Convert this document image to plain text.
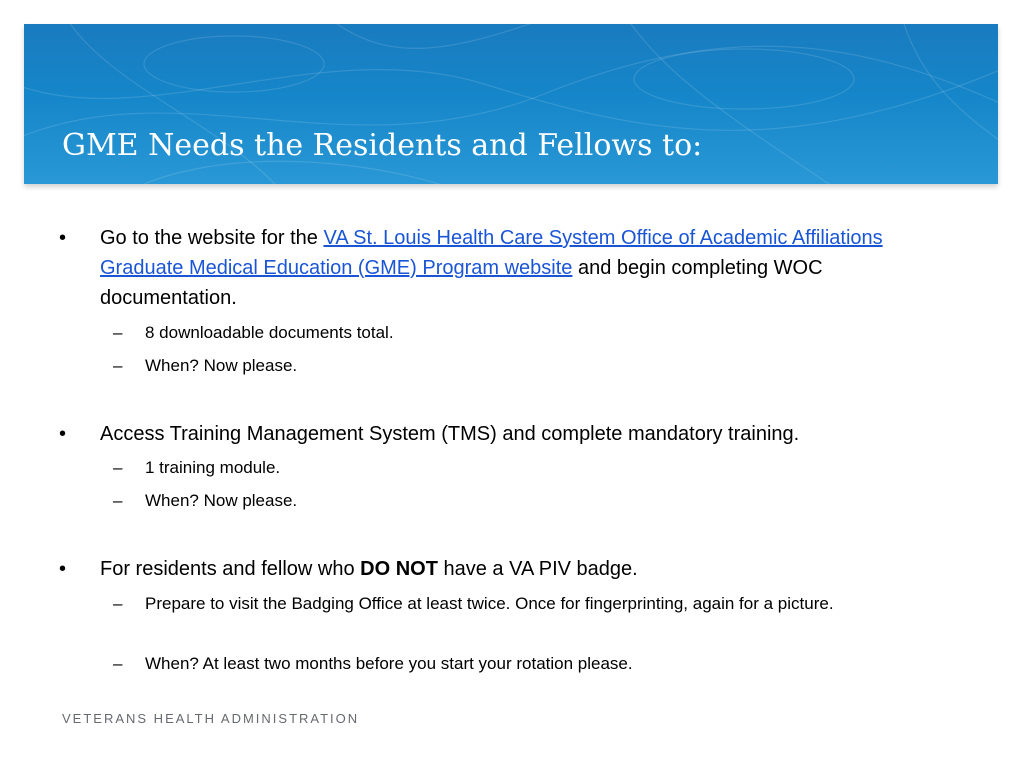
GME Needs the Residents and Fellows to:
• Go to the website for the VA St. Louis Health Care System Office of Academic Affiliations Graduate Medical Education (GME) Program website and begin completing WOC documentation.
– 8 downloadable documents total.
– When? Now please.
• Access Training Management System (TMS) and complete mandatory training.
– 1 training module.
– When? Now please.
• For residents and fellow who DO NOT have a VA PIV badge.
– Prepare to visit the Badging Office at least twice. Once for fingerprinting, again for a picture.
– When? At least two months before you start your rotation please.
VETERANS HEALTH ADMINISTRATION
